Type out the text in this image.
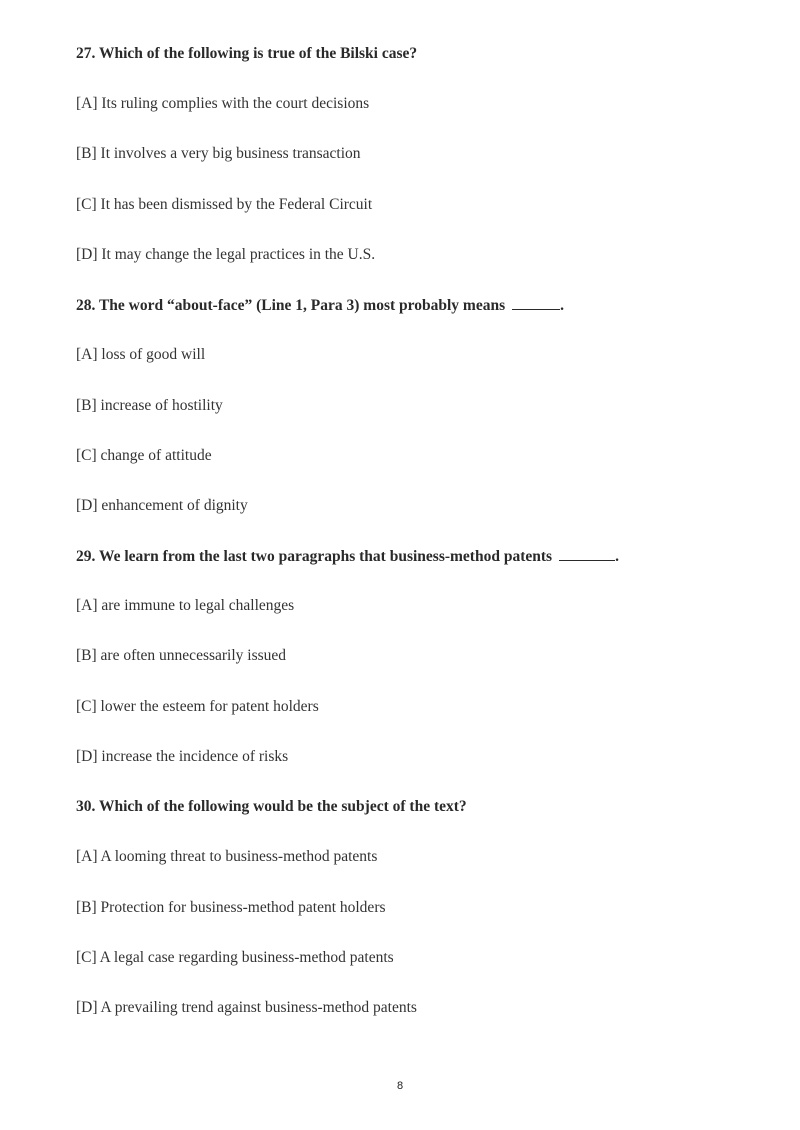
27. Which of the following is true of the Bilski case?
[A] Its ruling complies with the court decisions
[B] It involves a very big business transaction
[C] It has been dismissed by the Federal Circuit
[D] It may change the legal practices in the U.S.
28. The word “about-face” (Line 1, Para 3) most probably means	.
[A] loss of good will
[B] increase of hostility
[C] change of attitude
[D] enhancement of dignity
29. We learn from the last two paragraphs that business-method patents	.
[A] are immune to legal challenges
[B] are often unnecessarily issued
[C] lower the esteem for patent holders
[D] increase the incidence of risks
30. Which of the following would be the subject of the text?
[A] A looming threat to business-method patents
[B] Protection for business-method patent holders
[C] A legal case regarding business-method patents
[D] A prevailing trend against business-method patents
8
